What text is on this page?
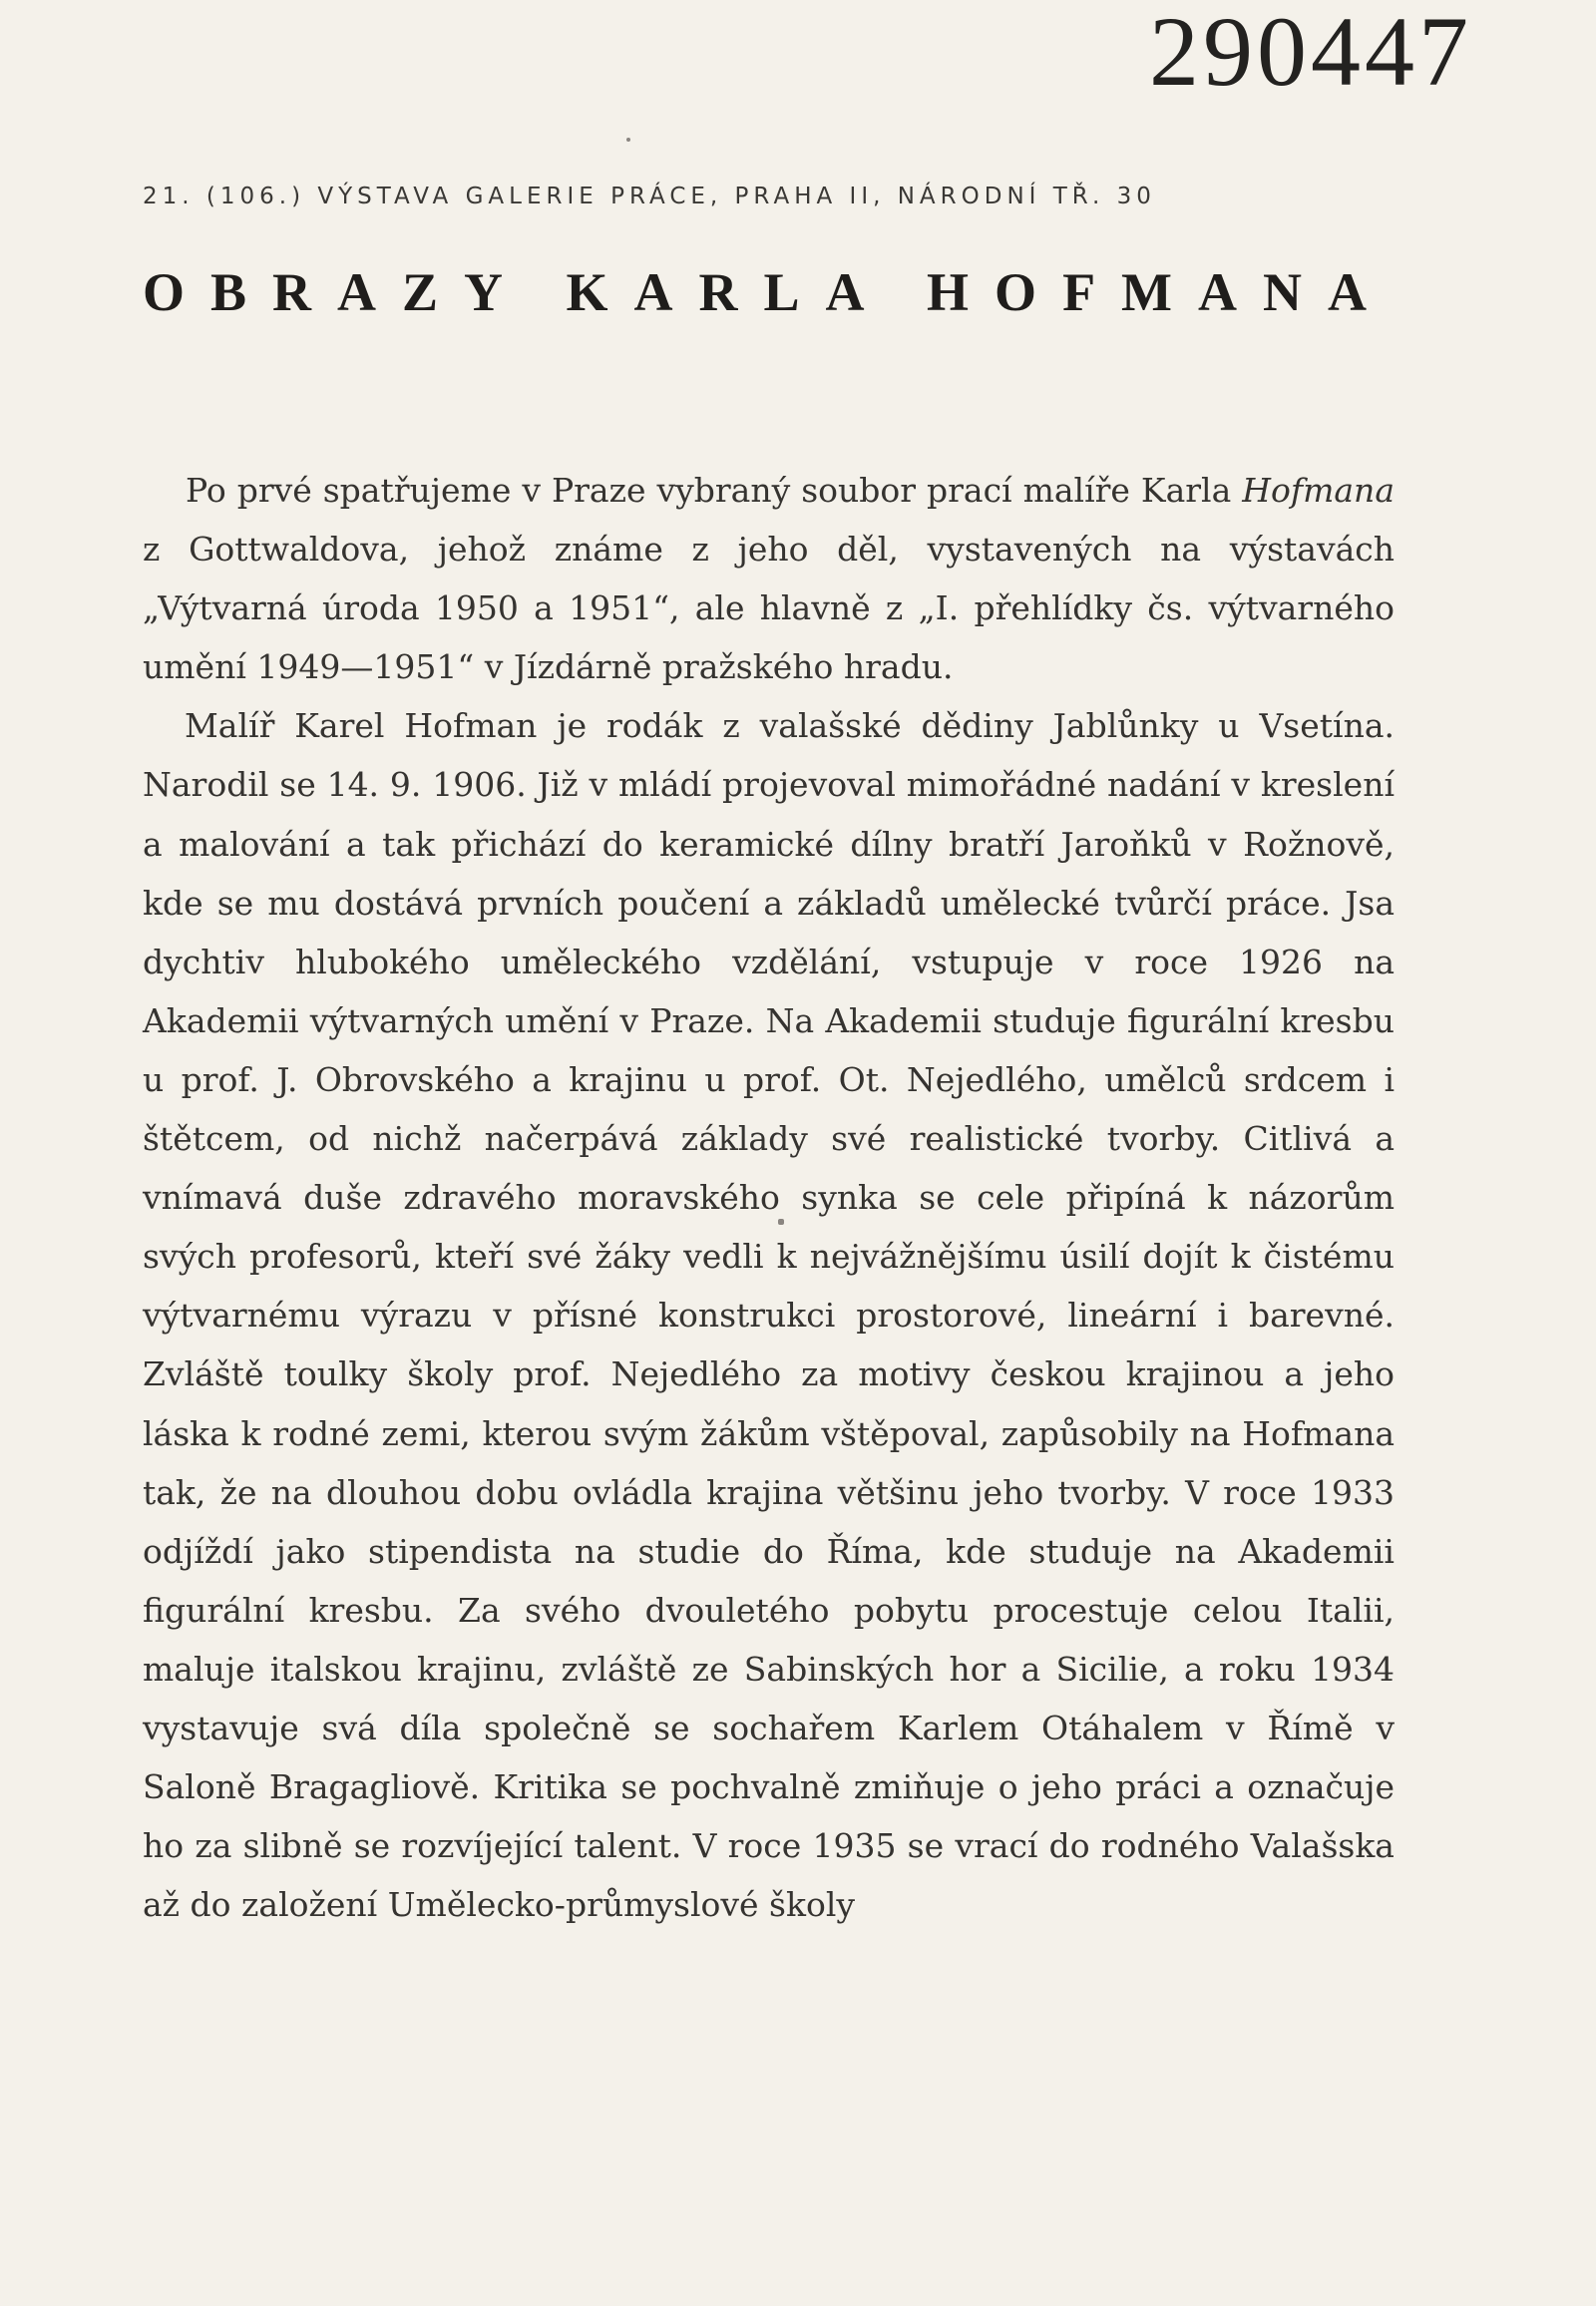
290447
21. (106.) VÝSTAVA GALERIE PRÁCE, PRAHA II, NÁRODNÍ TŘ. 30
OBRAZY KARLA HOFMANA

Po prvé spatřujeme v Praze vybraný soubor prací malíře Karla Hofmana z Gottwaldova, jehož známe z jeho děl, vystavených na výstavách „Výtvarná úroda 1950 a 1951“, ale hlavně z „I. přehlídky čs. výtvarného umění 1949—1951“ v Jízdárně pražského hradu.

Malíř Karel Hofman je rodák z valašské dědiny Jablůnky u Vsetína. Narodil se 14. 9. 1906. Již v mládí projevoval mimořádné nadání v kreslení a malování a tak přichází do keramické dílny bratří Jaroňků v Rožnově, kde se mu dostává prvních poučení a základů umělecké tvůrčí práce. Jsa dychtiv hlubokého uměleckého vzdělání, vstupuje v roce 1926 na Akademii výtvarných umění v Praze. Na Akademii studuje figurální kresbu u prof. J. Obrovského a krajinu u prof. Ot. Nejedlého, umělců srdcem i štětcem, od nichž načerpává základy své realistické tvorby. Citlivá a vnímavá duše zdravého moravského synka se cele připíná k názorům svých profesorů, kteří své žáky vedli k nejvážnějšímu úsilí dojít k čistému výtvarnému výrazu v přísné konstrukci prostorové, lineární i barevné. Zvláště toulky školy prof. Nejedlého za motivy českou krajinou a jeho láska k rodné zemi, kterou svým žákům vštěpoval, zapůsobily na Hofmana tak, že na dlouhou dobu ovládla krajina většinu jeho tvorby. V roce 1933 odjíždí jako stipendista na studie do Říma, kde studuje na Akademii figurální kresbu. Za svého dvouletého pobytu procestuje celou Italii, maluje italskou krajinu, zvláště ze Sabinských hor a Sicilie, a roku 1934 vystavuje svá díla společně se sochařem Karlem Otáhalem v Římě v Saloně Bragagliově. Kritika se pochvalně zmiňuje o jeho práci a označuje ho za slibně se rozvíjející talent. V roce 1935 se vrací do rodného Valašska až do založení Umělecko-průmyslové školy
